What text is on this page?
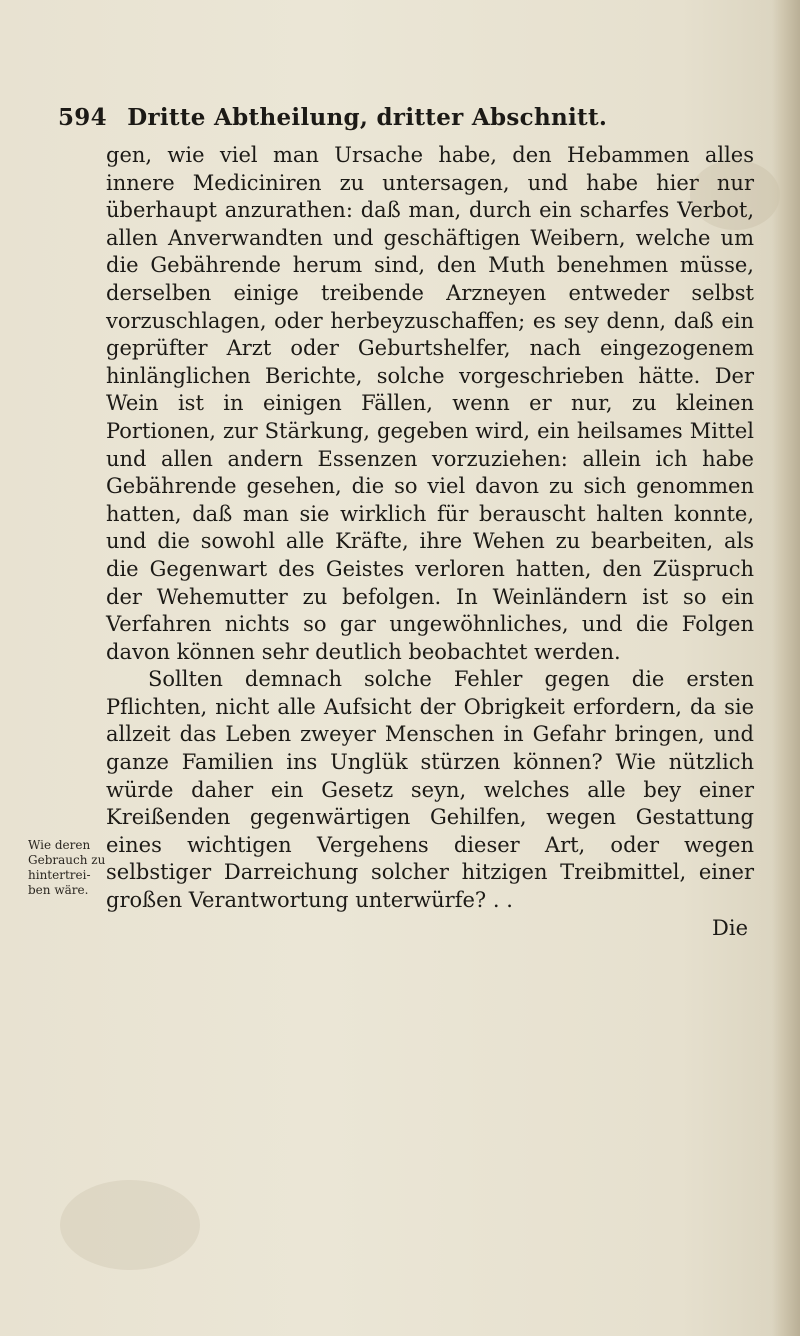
594 Dritte Abtheilung, dritter Abschnitt.
Wie deren
Gebrauch zu
hintertrei-
ben wäre.

gen, wie viel man Ursache habe, den Hebammen alles innere Mediciniren zu untersagen, und habe hier nur überhaupt anzurathen: daß man, durch ein scharfes Verbot, allen Anverwandten und geschäftigen Weibern, welche um die Gebährende herum sind, den Muth benehmen müsse, derselben einige treibende Arzneyen entweder selbst vorzuschlagen, oder herbeyzuschaffen; es sey denn, daß ein geprüfter Arzt oder Geburtshelfer, nach eingezogenem hinlänglichen Berichte, solche vorgeschrieben hätte. Der Wein ist in einigen Fällen, wenn er nur, zu kleinen Portionen, zur Stärkung, gegeben wird, ein heilsames Mittel und allen andern Essenzen vorzuziehen: allein ich habe Gebährende gesehen, die so viel davon zu sich genommen hatten, daß man sie wirklich für berauscht halten konnte, und die sowohl alle Kräfte, ihre Wehen zu bearbeiten, als die Gegenwart des Geistes verloren hatten, den Züspruch der Wehemutter zu befolgen. In Weinländern ist so ein Verfahren nichts so gar ungewöhnliches, und die Folgen davon können sehr deutlich beobachtet werden.

Sollten demnach solche Fehler gegen die ersten Pflichten, nicht alle Aufsicht der Obrigkeit erfordern, da sie allzeit das Leben zweyer Menschen in Gefahr bringen, und ganze Familien ins Unglük stürzen können? Wie nützlich würde daher ein Gesetz seyn, welches alle bey einer Kreißenden gegenwärtigen Gehilfen, wegen Gestattung eines wichtigen Vergehens dieser Art, oder wegen selbstiger Darreichung solcher hitzigen Treibmittel, einer großen Verantwortung unterwürfe? . .

Die
